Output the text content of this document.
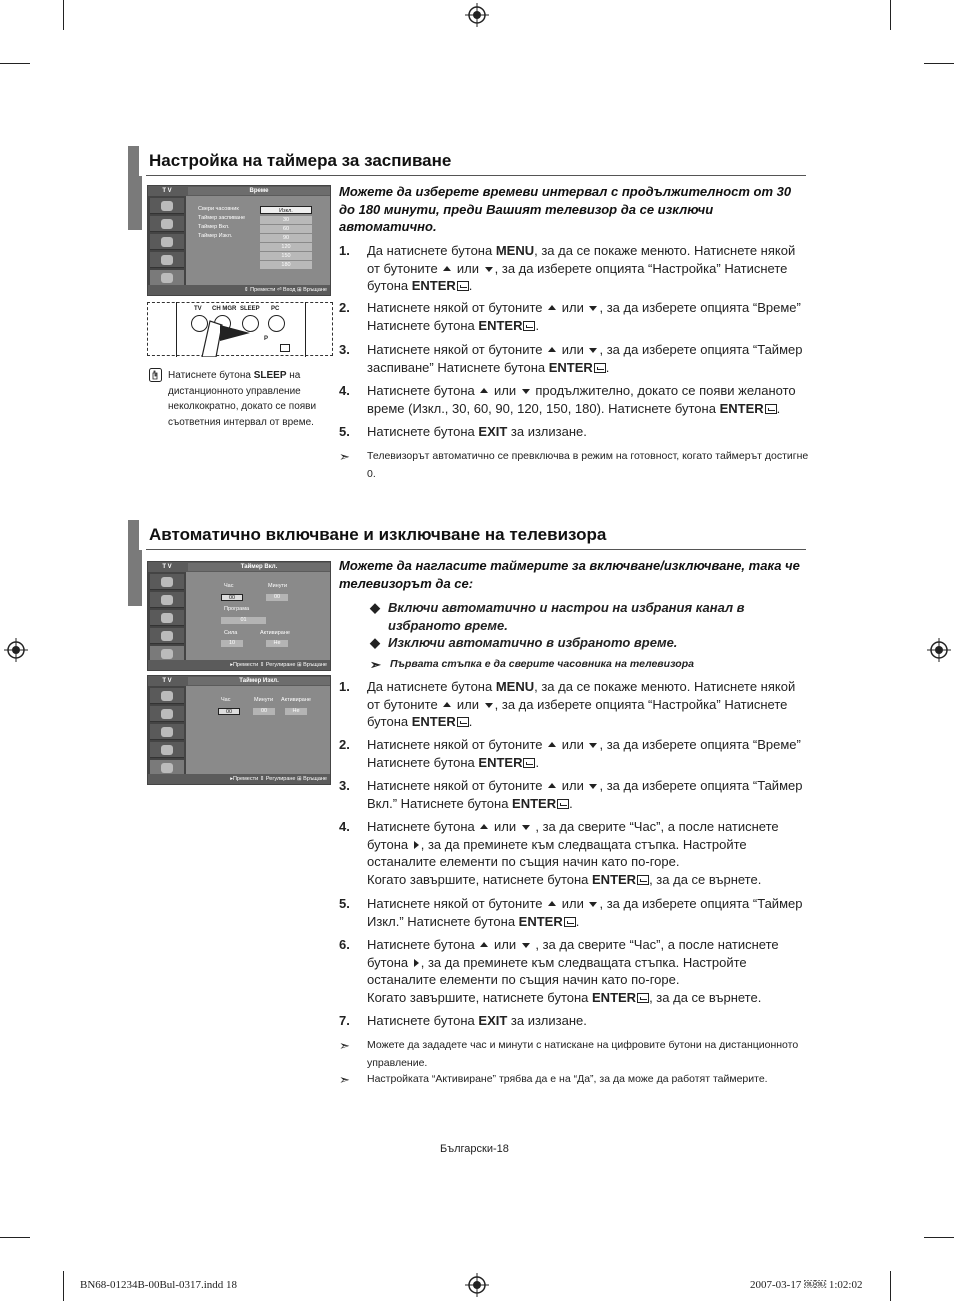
Настройка на таймера за заспиване
T V	Време
Свери часовник
Таймер заспиване
Таймер Вкл.
Таймер Изкл.
Изкл.
30
60
90
120
150
180
⇕ Премести ⏎ Вход ⊞ Връщане
TV CH MGR SLEEP PC
P
Натиснете бутона SLEEP на дистанционното управление неколкократно, докато се появи съответния интервал от време.
Можете да изберете времеви интервал с продължителност от 30 до 180 минути, преди Вашият телевизор да се изключи автоматично.
1. Да натиснете бутона MENU, за да се покаже менюто. Натиснете някой от бутоните  или , за да изберете опцията “Настройка” Натиснете бутона ENTER .
2. Натиснете някой от бутоните  или , за да изберете опцията “Време” Натиснете бутона ENTER .
3. Натиснете някой от бутоните  или , за да изберете опцията “Таймер заспиване” Натиснете бутона ENTER .
4. Натиснете бутона  или  продължително, докато се появи желаното време (Изкл., 30, 60, 90, 120, 150, 180). Натиснете бутона ENTER .
5. Натиснете бутона EXIT за излизане.
➣ Телевизорът автоматично се превключва в режим на готовност, когато таймерът достигне 0.
Автоматично включване и изключване на телевизора
T V	Таймер Вкл.
Час	Минути
00	00
Програма
01
Сила	Активиране
10	Не
▸Премести ⇕ Регулиране ⊞ Връщане
T V	Таймер Изкл.
Час	Минути Активиране
00	00	Не
▸Премести ⇕ Регулиране ⊞ Връщане
Можете да нагласите таймерите за включване/изключване, така че телевизорът да се:
◆ Включи автоматично и настрои на избрания канал в избраното време.
◆ Изключи автоматично в избраното време.
➣ Първата стъпка е да сверите часовника на телевизора
1. Да натиснете бутона MENU, за да се покаже менюто. Натиснете някой от бутоните  или , за да изберете опцията “Настройка” Натиснете бутона ENTER .
2. Натиснете някой от бутоните  или , за да изберете опцията “Време” Натиснете бутона ENTER .
3. Натиснете някой от бутоните  или , за да изберете опцията “Таймер Вкл.” Натиснете бутона ENTER .
4. Натиснете бутона  или  , за да сверите “Час”, а после натиснете бутона , за да преминете към следващата стъпка. Настройте останалите елементи по същия начин като по-горе.
Когато завършите, натиснете бутона ENTER , за да се върнете.
5. Натиснете някой от бутоните  или , за да изберете опцията “Таймер Изкл.” Натиснете бутона ENTER .
6. Натиснете бутона  или  , за да сверите “Час”, а после натиснете бутона , за да преминете към следващата стъпка. Настройте останалите елементи по същия начин като по-горе.
Когато завършите, натиснете бутона ENTER , за да се върнете.
7. Натиснете бутона EXIT за излизане.
➣ Можете да зададете час и минути с натискане на цифровите бутони на дистанционното управление.
➣ Настройката “Активиране” трябва да е на “Да”, за да може да работят таймерите.
Български-18
BN68-01234B-00Bul-0317.indd 18	2007-03-17 ￼￼ 1:02:02
